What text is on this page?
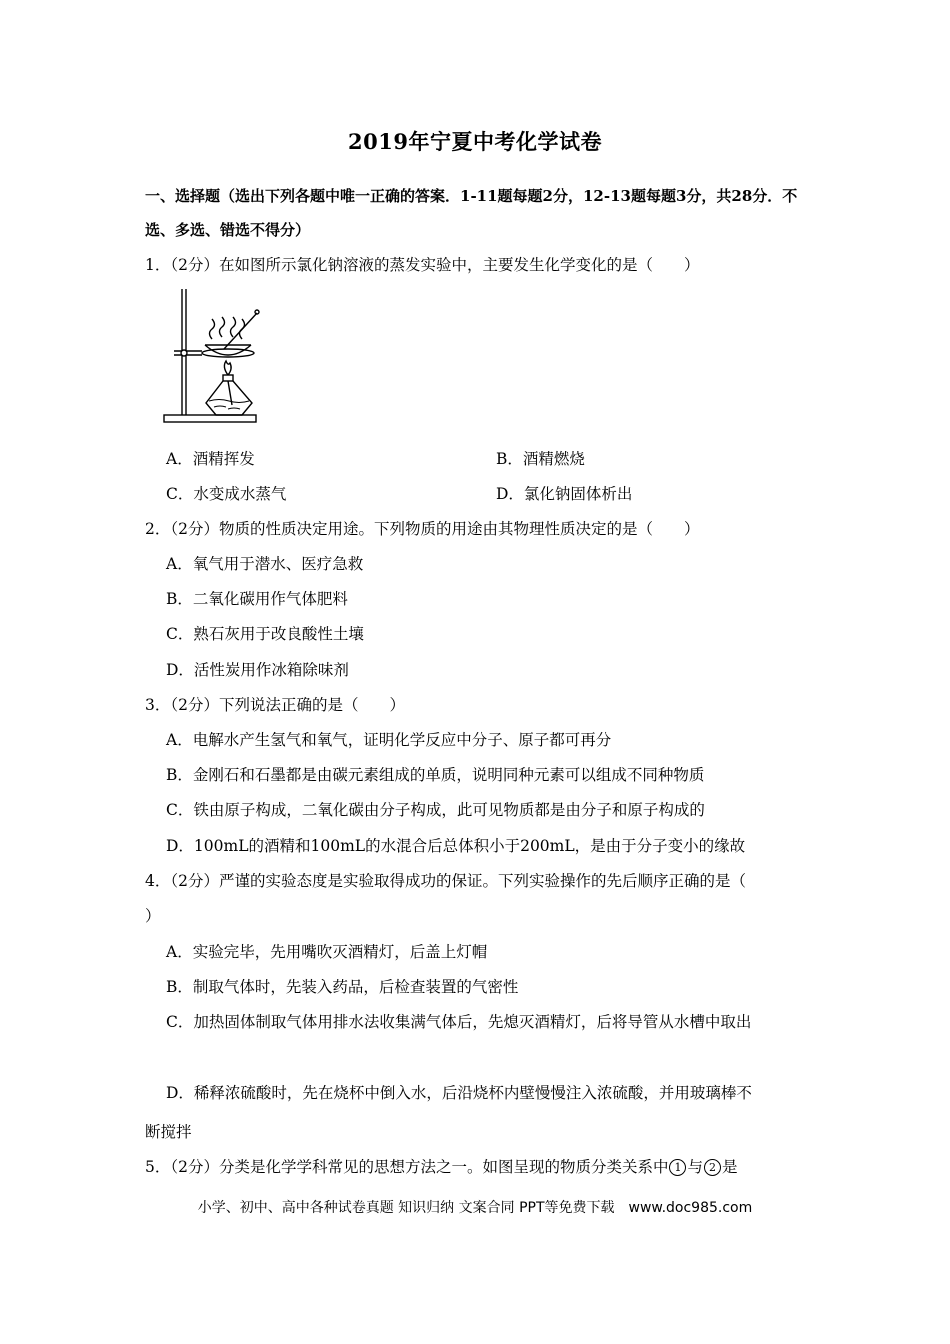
2019年宁夏中考化学试卷
一、选择题（选出下列各题中唯一正确的答案．1-11题每题2分，12-13题每题3分，共28分．不选、多选、错选不得分）
1．（2分）在如图所示氯化钠溶液的蒸发实验中，主要发生化学变化的是（　　）
A．酒精挥发	B．酒精燃烧
C．水变成水蒸气	D．氯化钠固体析出
2．（2分）物质的性质决定用途。下列物质的用途由其物理性质决定的是（　　）
A．氧气用于潜水、医疗急救
B．二氧化碳用作气体肥料
C．熟石灰用于改良酸性土壤
D．活性炭用作冰箱除味剂
3．（2分）下列说法正确的是（　　）
A．电解水产生氢气和氧气，证明化学反应中分子、原子都可再分
B．金刚石和石墨都是由碳元素组成的单质，说明同种元素可以组成不同种物质
C．铁由原子构成，二氧化碳由分子构成，此可见物质都是由分子和原子构成的
D．100mL的酒精和100mL的水混合后总体积小于200mL，是由于分子变小的缘故
4．（2分）严谨的实验态度是实验取得成功的保证。下列实验操作的先后顺序正确的是（
）
A．实验完毕，先用嘴吹灭酒精灯，后盖上灯帽
B．制取气体时，先装入药品，后检查装置的气密性
C．加热固体制取气体用排水法收集满气体后，先熄灭酒精灯，后将导管从水槽中取出
D．稀释浓硫酸时，先在烧杯中倒入水，后沿烧杯内壁慢慢注入浓硫酸，并用玻璃棒不
断搅拌
5．（2分）分类是化学学科常见的思想方法之一。如图呈现的物质分类关系中 1 与 2 是
小学、初中、高中各种试卷真题 知识归纳 文案合同 PPT等免费下载　www.doc985.com
